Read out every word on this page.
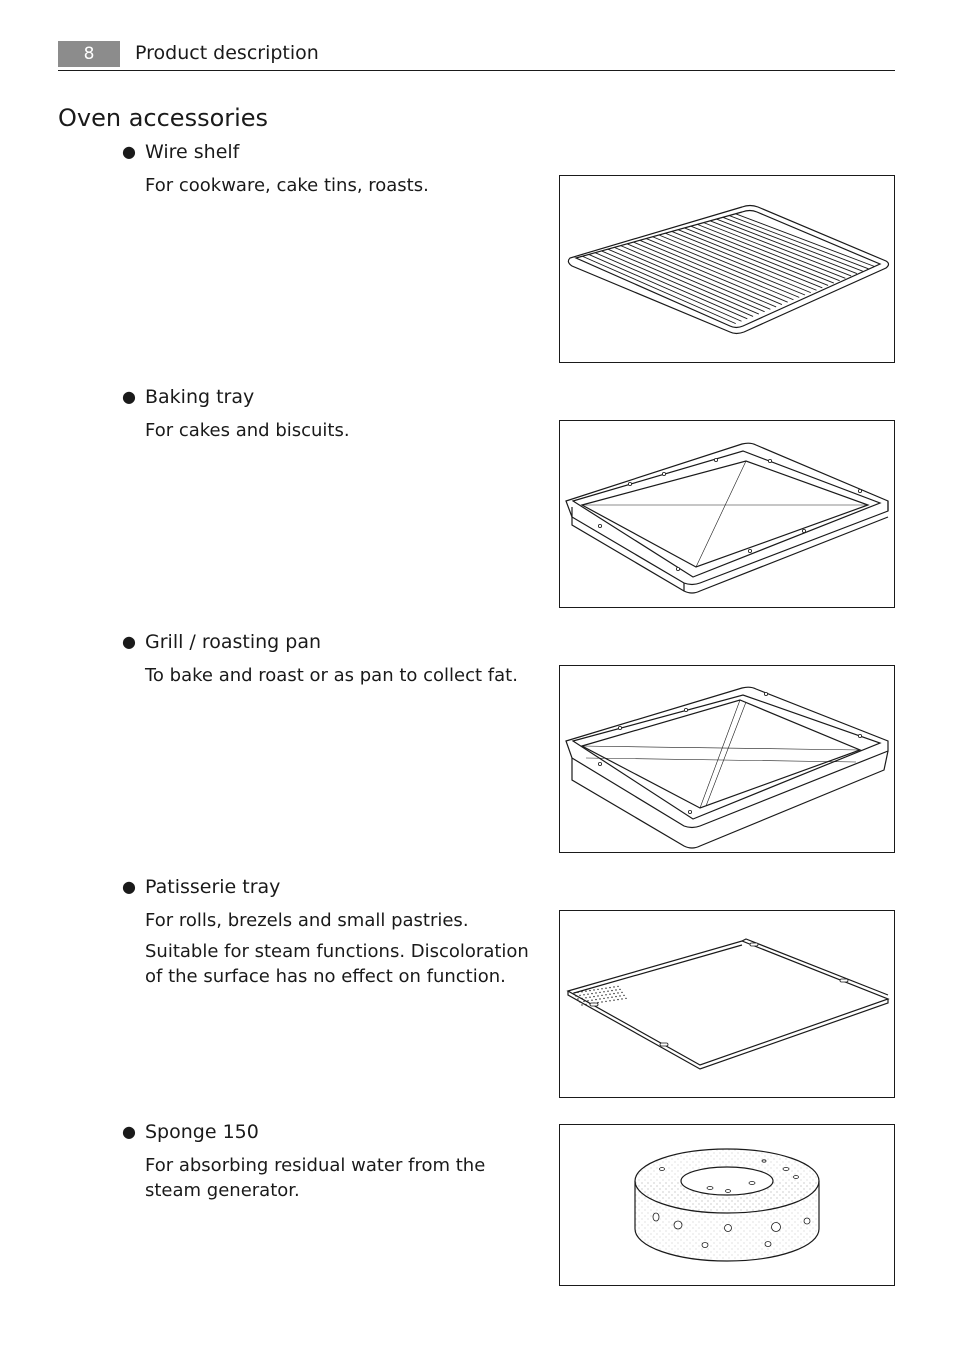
8	Product description
Oven accessories
● Wire shelf

For cookware, cake tins, roasts.

● Baking tray

For cakes and biscuits.

● Grill / roasting pan

To bake and roast or as pan to collect fat.

● Patisserie tray

For rolls, brezels and small pastries.

Suitable for steam functions. Discoloration of the surface has no effect on function.

● Sponge 150

For absorbing residual water from the steam generator.
